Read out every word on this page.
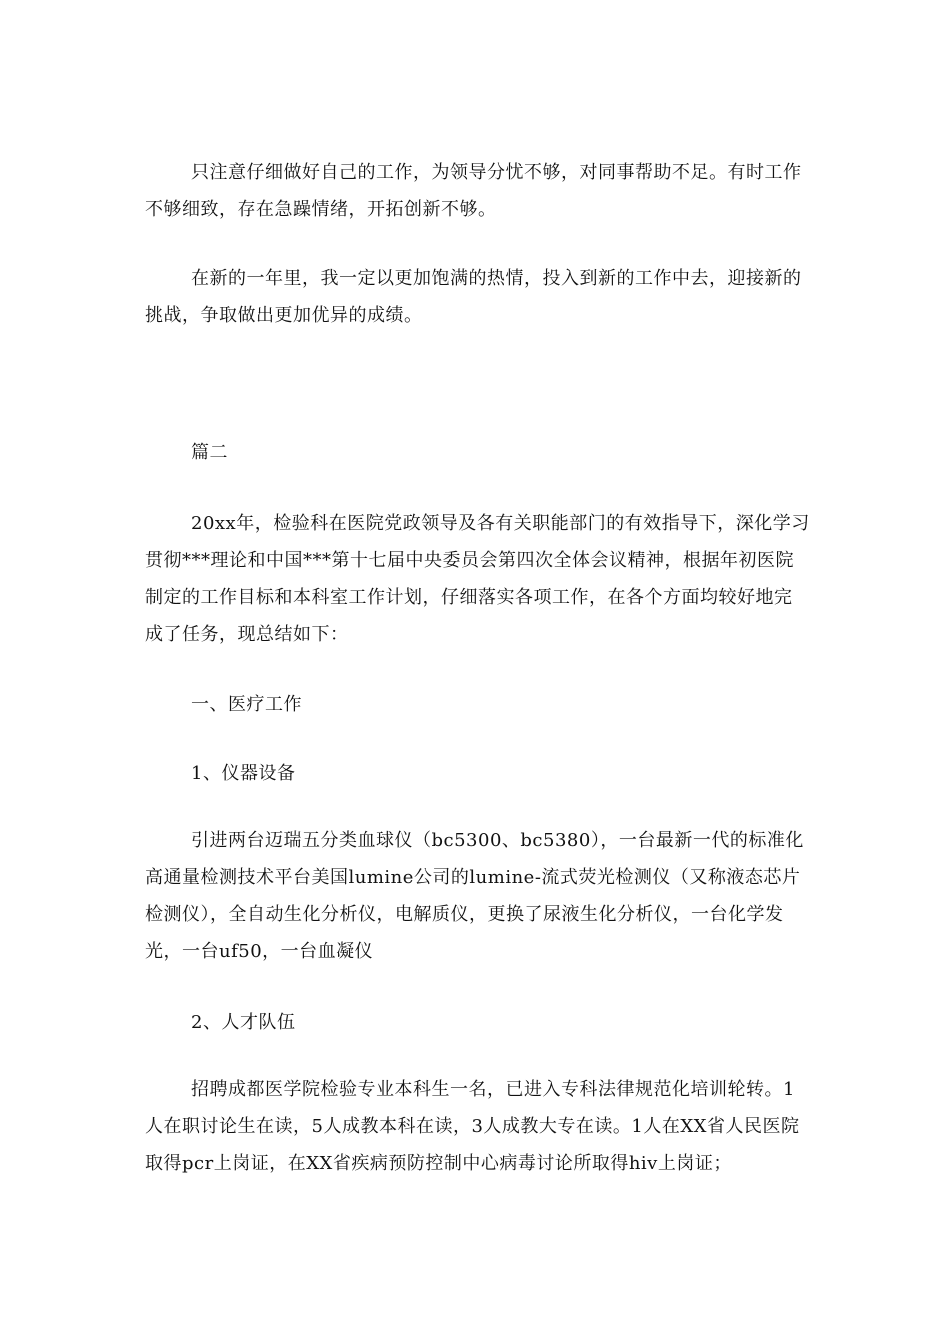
只注意仔细做好自己的工作，为领导分忧不够，对同事帮助不足。有时工作不够细致，存在急躁情绪，开拓创新不够。

在新的一年里，我一定以更加饱满的热情，投入到新的工作中去，迎接新的挑战，争取做出更加优异的成绩。

篇二

20xx年，检验科在医院党政领导及各有关职能部门的有效指导下，深化学习贯彻***理论和中国***第十七届中央委员会第四次全体会议精神，根据年初医院制定的工作目标和本科室工作计划，仔细落实各项工作，在各个方面均较好地完成了任务，现总结如下：

一、医疗工作

1、仪器设备

引进两台迈瑞五分类血球仪（bc5300、bc5380），一台最新一代的标准化高通量检测技术平台美国lumine公司的lumine-流式荧光检测仪（又称液态芯片检测仪），全自动生化分析仪，电解质仪，更换了尿液生化分析仪，一台化学发光，一台uf50，一台血凝仪

2、人才队伍

招聘成都医学院检验专业本科生一名，已进入专科法律规范化培训轮转。1人在职讨论生在读，5人成教本科在读，3人成教大专在读。1人在XX省人民医院取得pcr上岗证，在XX省疾病预防控制中心病毒讨论所取得hiv上岗证；
